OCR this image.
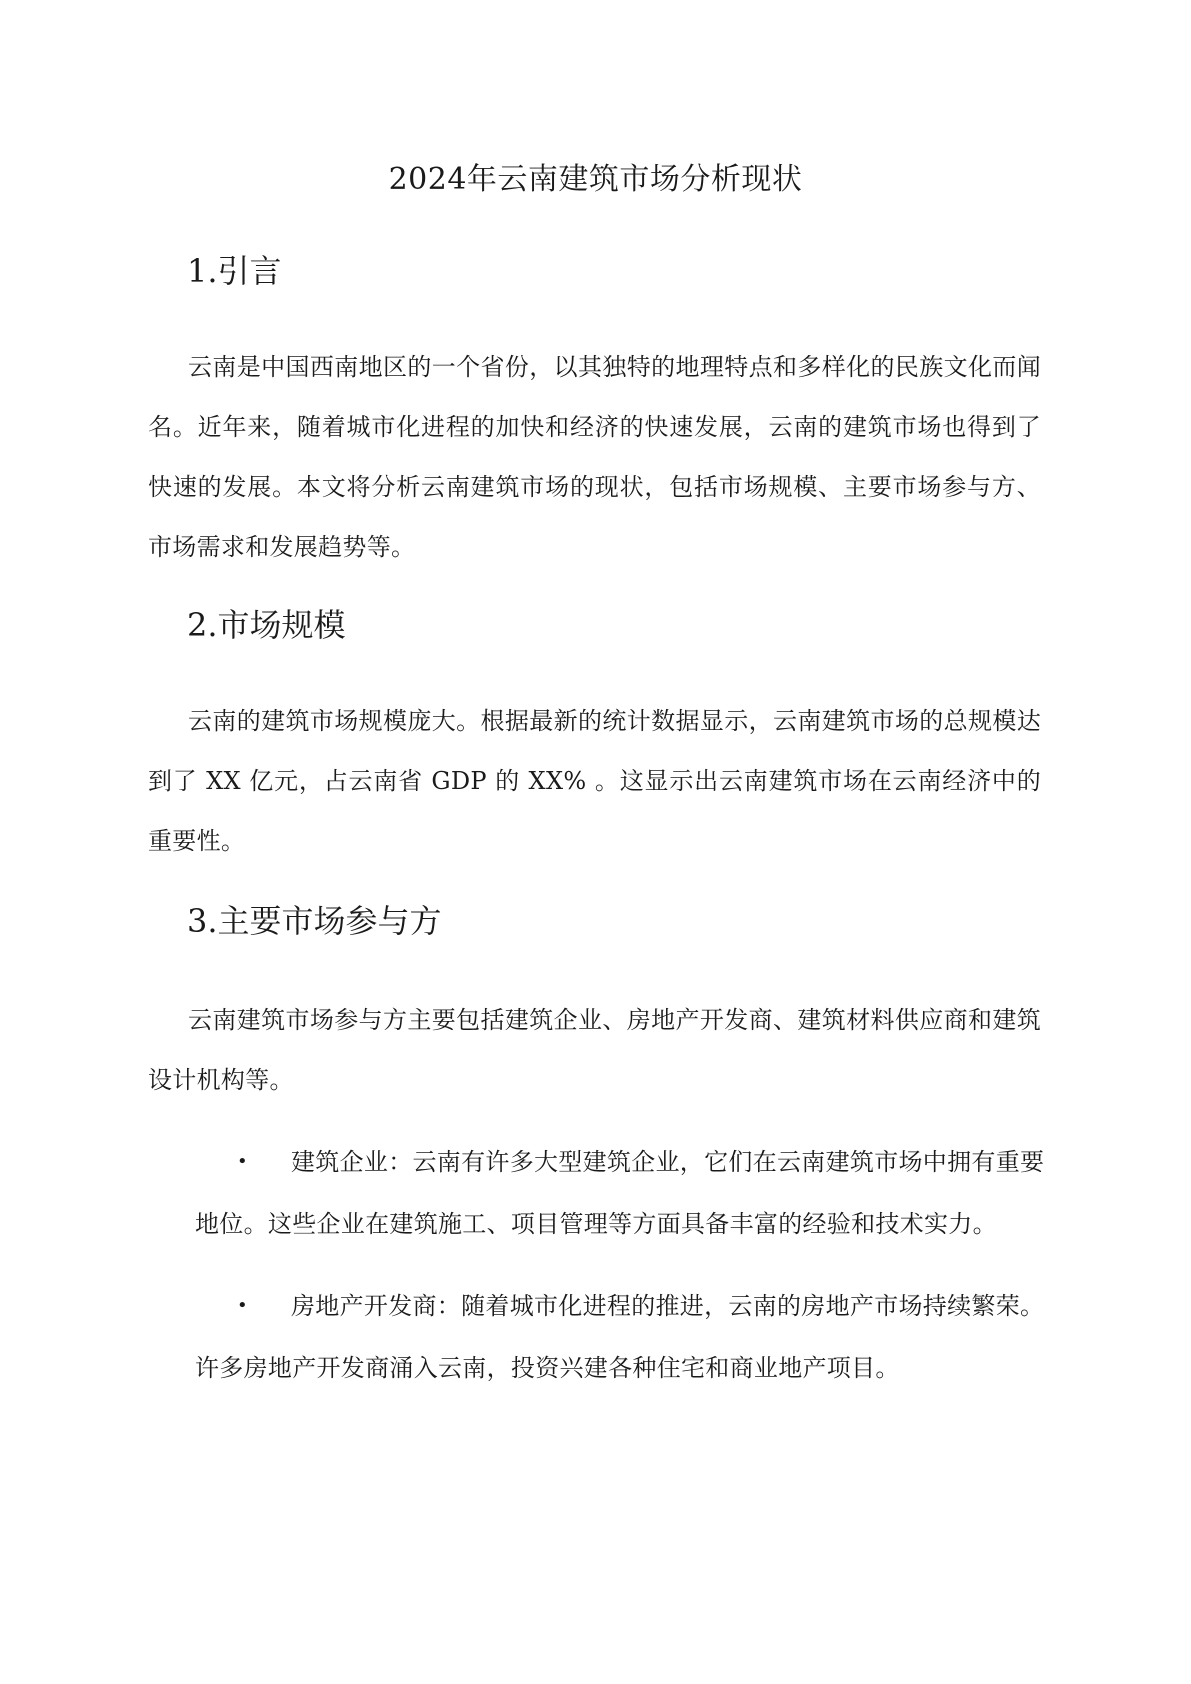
2024年云南建筑市场分析现状
1.引言

云南是中国西南地区的一个省份，以其独特的地理特点和多样化的民族文化而闻名。近年来，随着城市化进程的加快和经济的快速发展，云南的建筑市场也得到了快速的发展。本文将分析云南建筑市场的现状，包括市场规模、主要市场参与方、市场需求和发展趋势等。

2.市场规模

云南的建筑市场规模庞大。根据最新的统计数据显示，云南建筑市场的总规模达到了 XX 亿元，占云南省 GDP 的 XX% 。这显示出云南建筑市场在云南经济中的重要性。

3.主要市场参与方

云南建筑市场参与方主要包括建筑企业、房地产开发商、建筑材料供应商和建筑设计机构等。

• 建筑企业：云南有许多大型建筑企业，它们在云南建筑市场中拥有重要地位。这些企业在建筑施工、项目管理等方面具备丰富的经验和技术实力。
• 房地产开发商：随着城市化进程的推进，云南的房地产市场持续繁荣。许多房地产开发商涌入云南，投资兴建各种住宅和商业地产项目。
